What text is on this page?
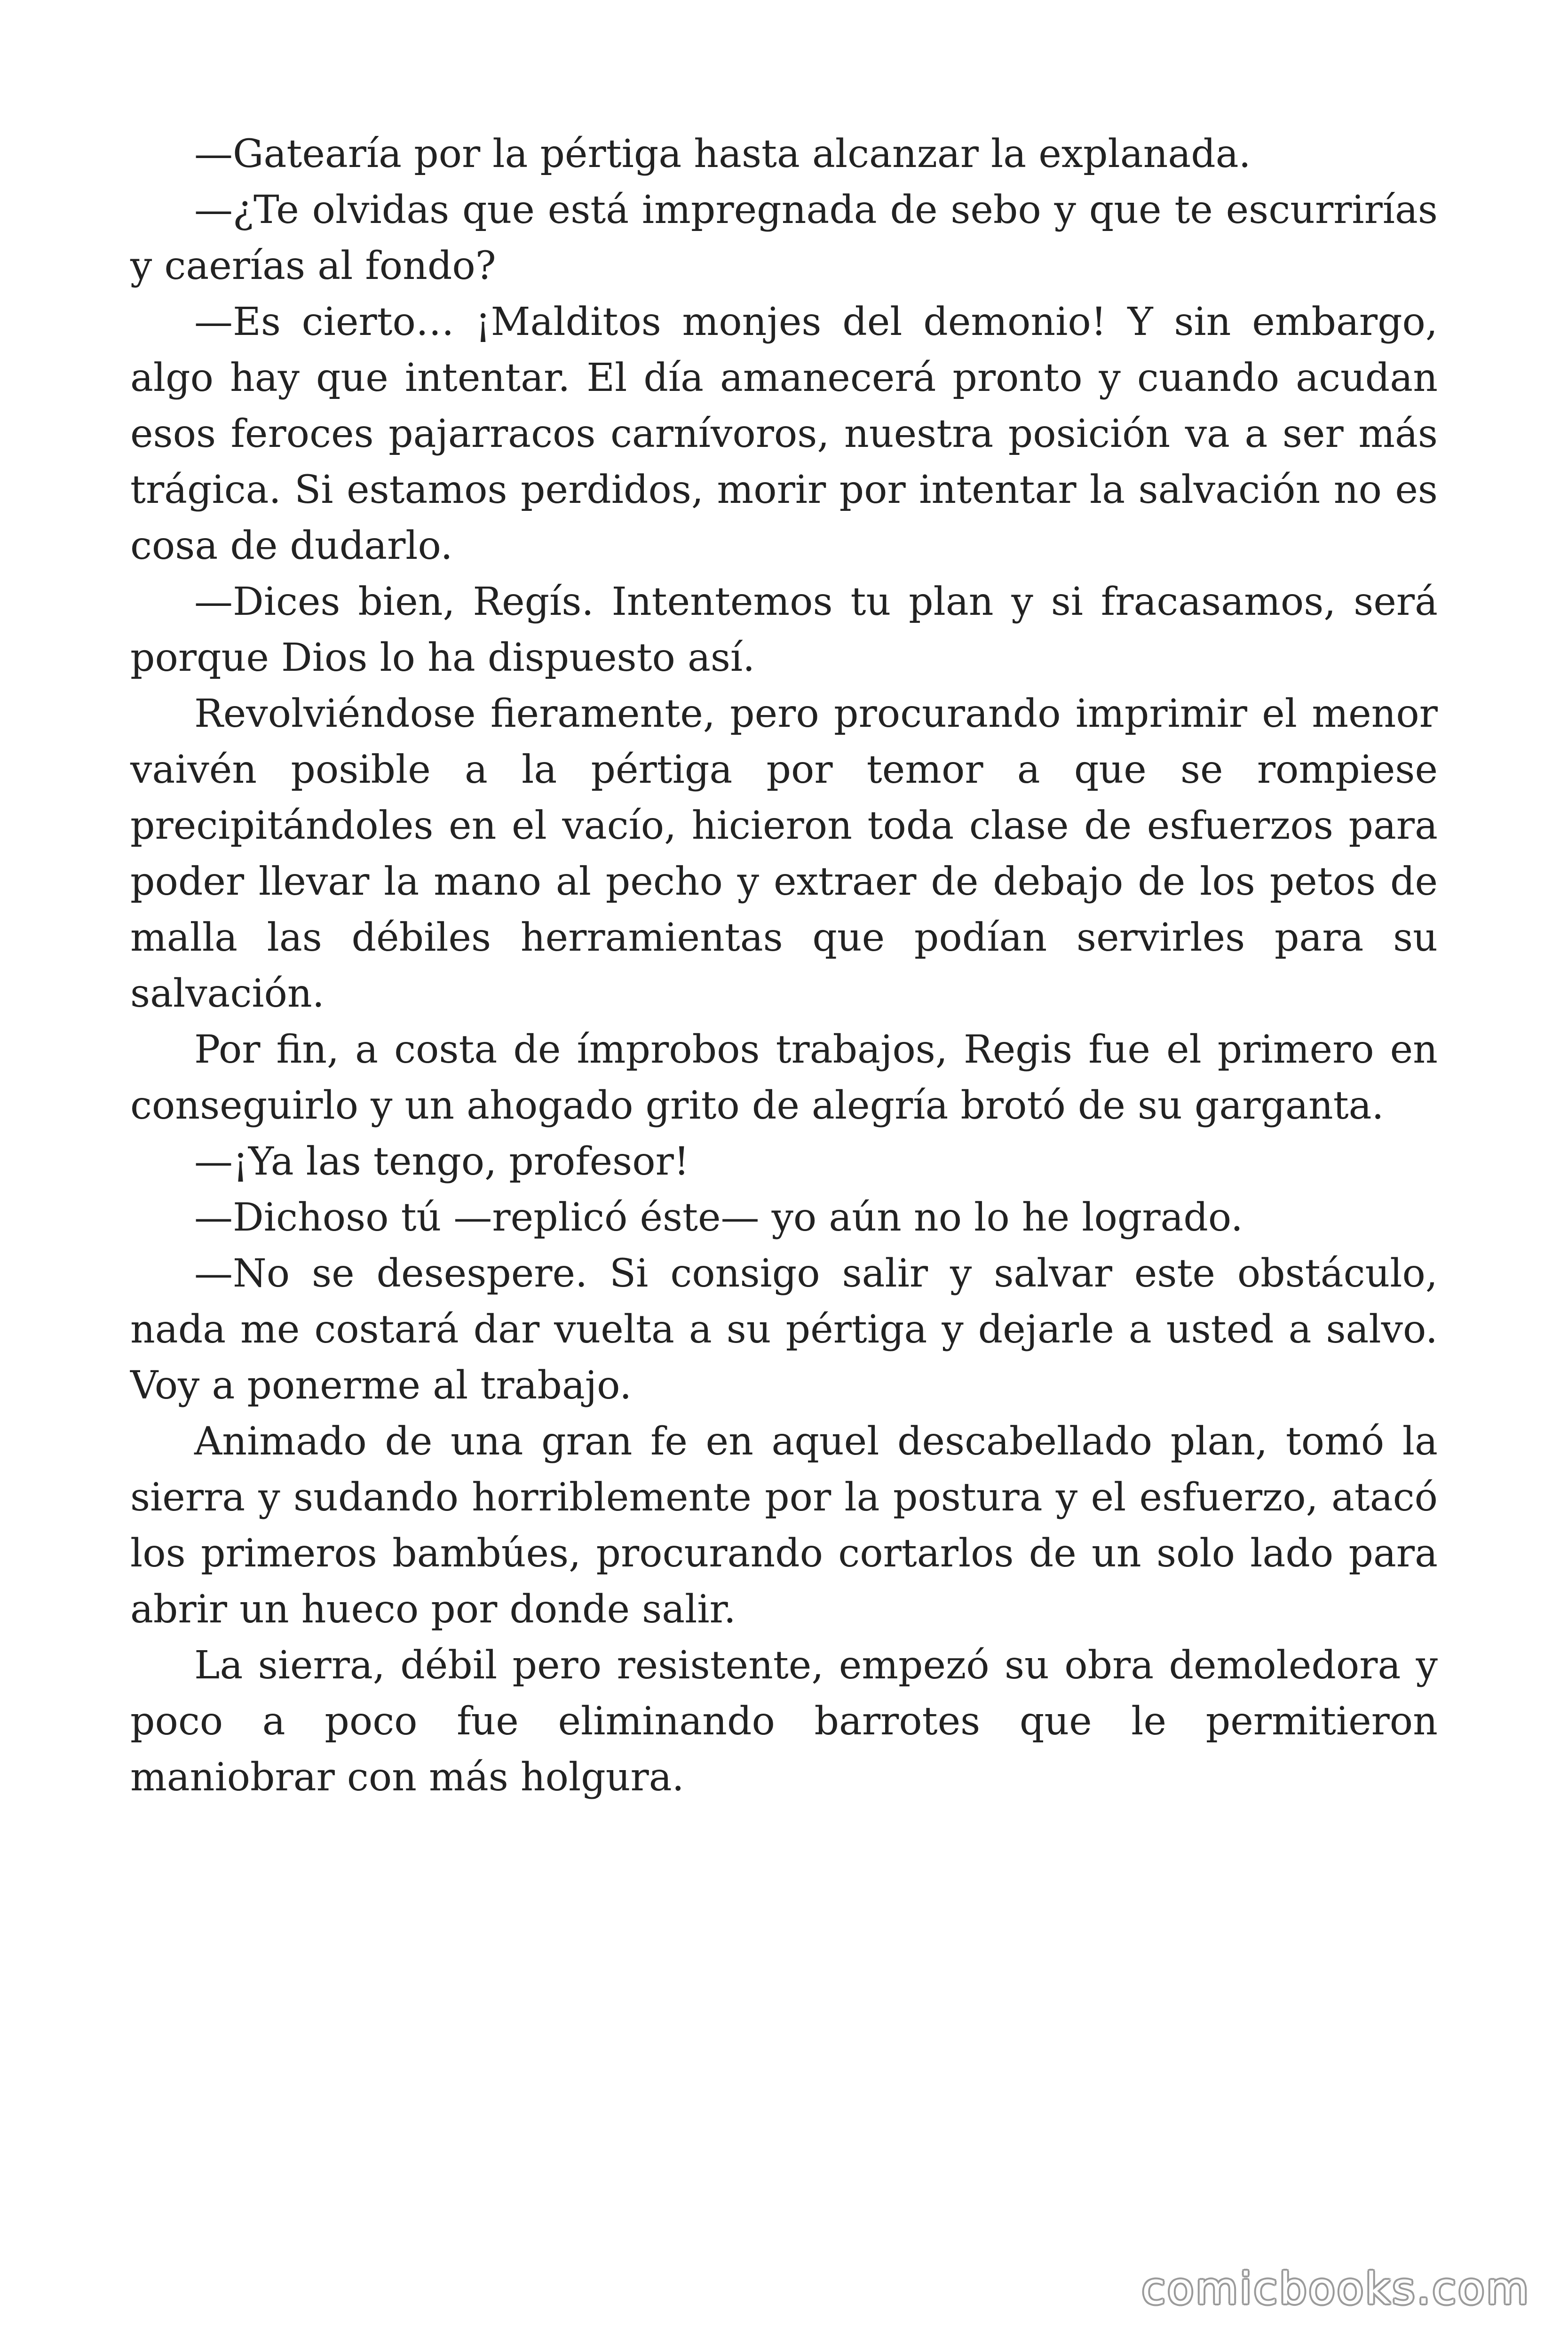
—Gatearía por la pértiga hasta alcanzar la explanada.

—¿Te olvidas que está impregnada de sebo y que te escurrirías y caerías al fondo?

—Es cierto… ¡Malditos monjes del demonio! Y sin embargo, algo hay que intentar. El día amanecerá pronto y cuando acudan esos feroces pajarracos carnívoros, nuestra posición va a ser más trágica. Si estamos perdidos, morir por intentar la salvación no es cosa de dudarlo.

—Dices bien, Regís. Intentemos tu plan y si fracasamos, será porque Dios lo ha dispuesto así.

Revolviéndose fieramente, pero procurando imprimir el menor vaivén posible a la pértiga por temor a que se rompiese precipitándoles en el vacío, hicieron toda clase de esfuerzos para poder llevar la mano al pecho y extraer de debajo de los petos de malla las débiles herramientas que podían servirles para su salvación.

Por fin, a costa de ímprobos trabajos, Regis fue el primero en conseguirlo y un ahogado grito de alegría brotó de su garganta.

—¡Ya las tengo, profesor!

—Dichoso tú —replicó éste— yo aún no lo he logrado.

—No se desespere. Si consigo salir y salvar este obstáculo, nada me costará dar vuelta a su pértiga y dejarle a usted a salvo. Voy a ponerme al trabajo.

Animado de una gran fe en aquel descabellado plan, tomó la sierra y sudando horriblemente por la postura y el esfuerzo, atacó los primeros bambúes, procurando cortarlos de un solo lado para abrir un hueco por donde salir.

La sierra, débil pero resistente, empezó su obra demoledora y poco a poco fue eliminando barrotes que le permitieron maniobrar con más holgura.

comicbooks.com
